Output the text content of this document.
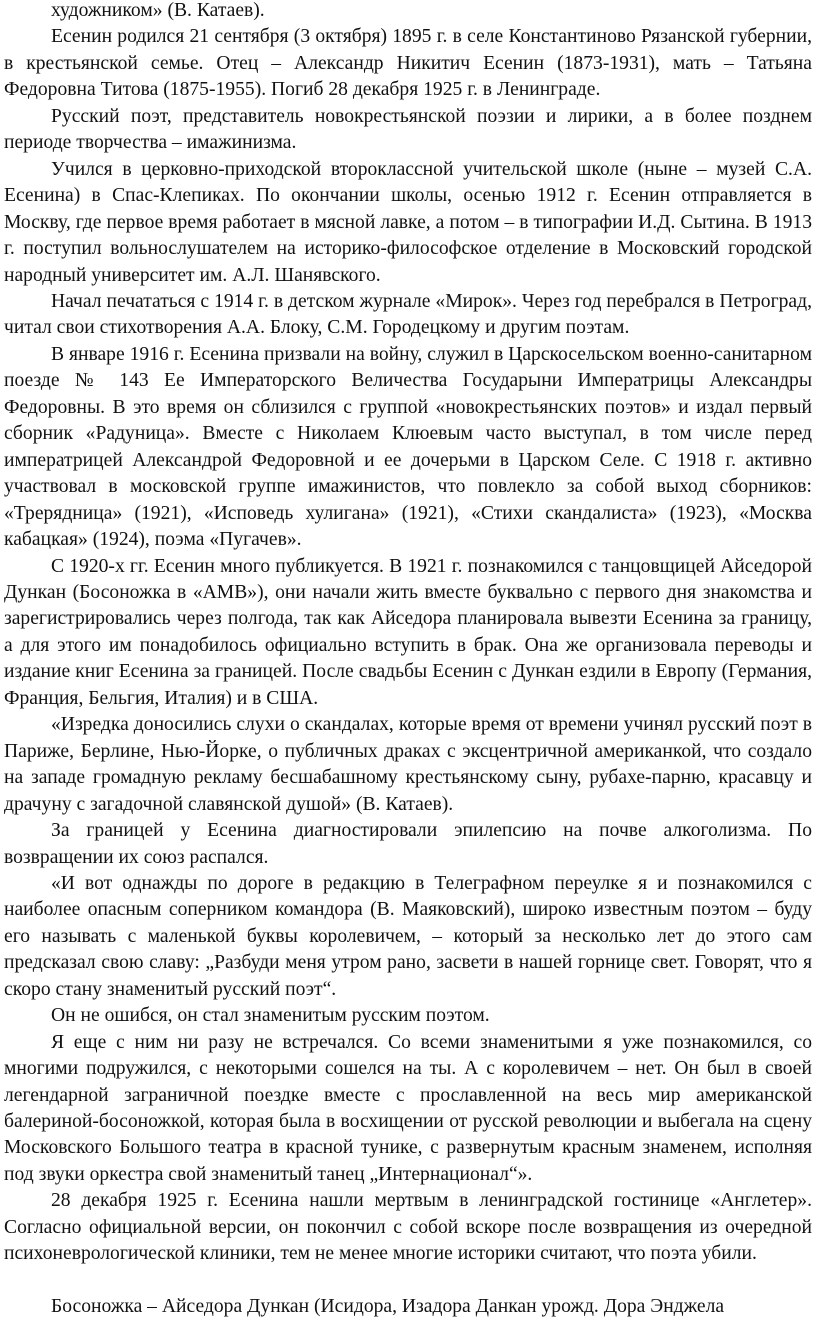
художником» (В. Катаев).

Есенин родился 21 сентября (3 октября) 1895 г. в селе Константиново Рязанской губернии, в крестьянской семье. Отец – Александр Никитич Есенин (1873-1931), мать – Татьяна Федоровна Титова (1875-1955). Погиб 28 декабря 1925 г. в Ленинграде.

Русский поэт, представитель новокрестьянской поэзии и лирики, а в более позднем периоде творчества – имажинизма.

Учился в церковно-приходской второклассной учительской школе (ныне – музей С.А. Есенина) в Спас-Клепиках. По окончании школы, осенью 1912 г. Есенин отправляется в Москву, где первое время работает в мясной лавке, а потом – в типографии И.Д. Сытина. В 1913 г. поступил вольнослушателем на историко-философское отделение в Московский городской народный университет им. А.Л. Шанявского.

Начал печататься с 1914 г. в детском журнале «Мирок». Через год перебрался в Петроград, читал свои стихотворения А.А. Блоку, С.М. Городецкому и другим поэтам.

В январе 1916 г. Есенина призвали на войну, служил в Царскосельском военно-санитарном поезде № 143 Ее Императорского Величества Государыни Императрицы Александры Федоровны. В это время он сблизился с группой «новокрестьянских поэтов» и издал первый сборник «Радуница». Вместе с Николаем Клюевым часто выступал, в том числе перед императрицей Александрой Федоровной и ее дочерьми в Царском Селе. С 1918 г. активно участвовал в московской группе имажинистов, что повлекло за собой выход сборников: «Трерядница» (1921), «Исповедь хулигана» (1921), «Стихи скандалиста» (1923), «Москва кабацкая» (1924), поэма «Пугачев».

С 1920-х гг. Есенин много публикуется. В 1921 г. познакомился с танцовщицей Айседорой Дункан (Босоножка в «АМВ»), они начали жить вместе буквально с первого дня знакомства и зарегистрировались через полгода, так как Айседора планировала вывезти Есенина за границу, а для этого им понадобилось официально вступить в брак. Она же организовала переводы и издание книг Есенина за границей. После свадьбы Есенин с Дункан ездили в Европу (Германия, Франция, Бельгия, Италия) и в США.

«Изредка доносились слухи о скандалах, которые время от времени учинял русский поэт в Париже, Берлине, Нью-Йорке, о публичных драках с эксцентричной американкой, что создало на западе громадную рекламу бесшабашному крестьянскому сыну, рубахе-парню, красавцу и драчуну с загадочной славянской душой» (В. Катаев).

За границей у Есенина диагностировали эпилепсию на почве алкоголизма. По возвращении их союз распался.

«И вот однажды по дороге в редакцию в Телеграфном переулке я и познакомился с наиболее опасным соперником командора (В. Маяковский), широко известным поэтом – буду его называть с маленькой буквы королевичем, – который за несколько лет до этого сам предсказал свою славу: „Разбуди меня утром рано, засвети в нашей горнице свет. Говорят, что я скоро стану знаменитый русский поэт“.

Он не ошибся, он стал знаменитым русским поэтом.

Я еще с ним ни разу не встречался. Со всеми знаменитыми я уже познакомился, со многими подружился, с некоторыми сошелся на ты. А с королевичем – нет. Он был в своей легендарной заграничной поездке вместе с прославленной на весь мир американской балериной-босоножкой, которая была в восхищении от русской революции и выбегала на сцену Московского Большого театра в красной тунике, с развернутым красным знаменем, исполняя под звуки оркестра свой знаменитый танец „Интернационал“».

28 декабря 1925 г. Есенина нашли мертвым в ленинградской гостинице «Англетер». Согласно официальной версии, он покончил с собой вскоре после возвращения из очередной психоневрологической клиники, тем не менее многие историки считают, что поэта убили.

Босоножка – Айседора Дункан (Исидора, Изадора Данкан урожд. Дора Энджела
